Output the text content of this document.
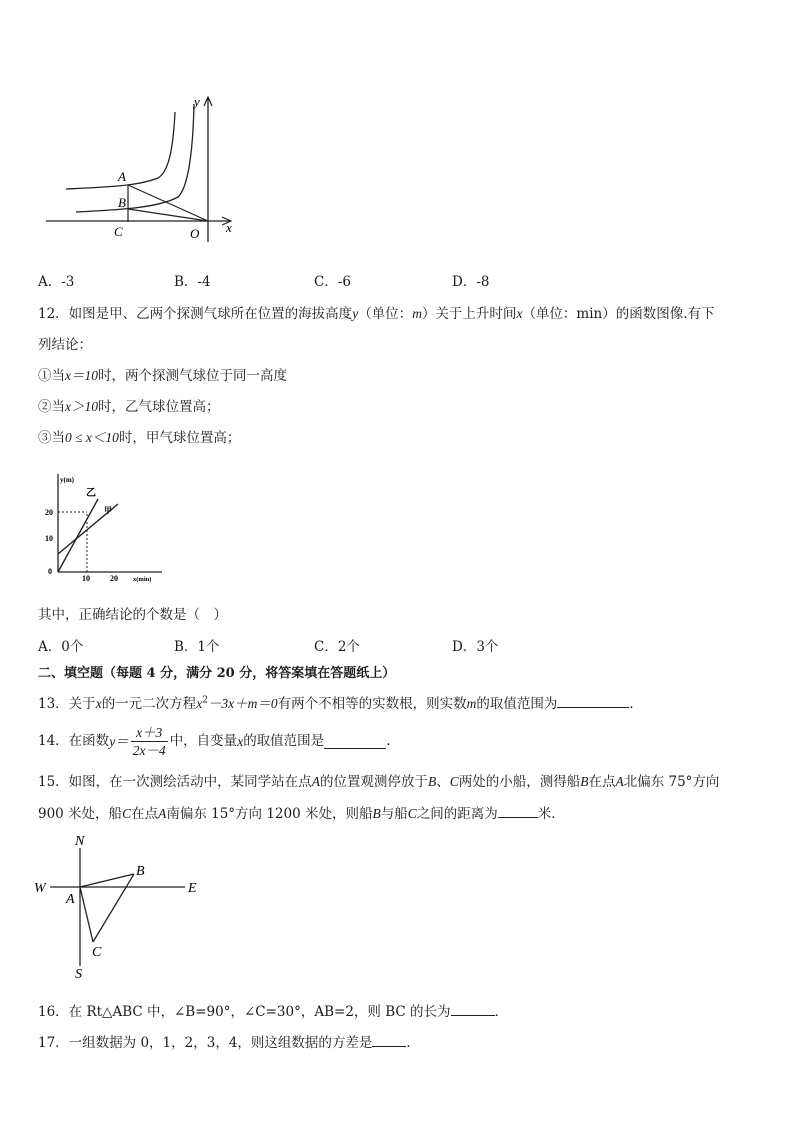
A
B
C	O
y
x
A．-3	B．-4	C．-6	D．-8
12．如图是甲、乙两个探测气球所在位置的海拔高度y（单位：m）关于上升时间x（单位：min）的函数图像.有下
列结论：
①当x＝10时，两个探测气球位于同一高度
②当x＞10时，乙气球位置高；
③当0 ≤ x＜10时，甲气球位置高；
y(m)
x(min)
20
10
0
10	20
乙
甲
其中，正确结论的个数是（　）
A．0个	B．1个	C．2个	D．3个
二、填空题（每题 4 分，满分 20 分，将答案填在答题纸上）
13．关于x的一元二次方程$x^2-3x+m=0$有两个不相等的实数根，则实数m的取值范围为	．
14．在函数$y= \frac{x+3}{2x-4}$ 中，自变量x的取值范围是	.
15．如图，在一次测绘活动中，某同学站在点A的位置观测停放于B、C两处的小船，测得船B在点A北偏东 75°方向
900 米处，船C在点A南偏东 15°方向 1200 米处，则船B与船C之间的距离为	米．
N
S
W	E
A
B
C
16．在 Rt△ABC 中，∠B=90°，∠C=30°，AB=2，则 BC 的长为	．
17．一组数据为 0，1，2，3，4，则这组数据的方差是	．
